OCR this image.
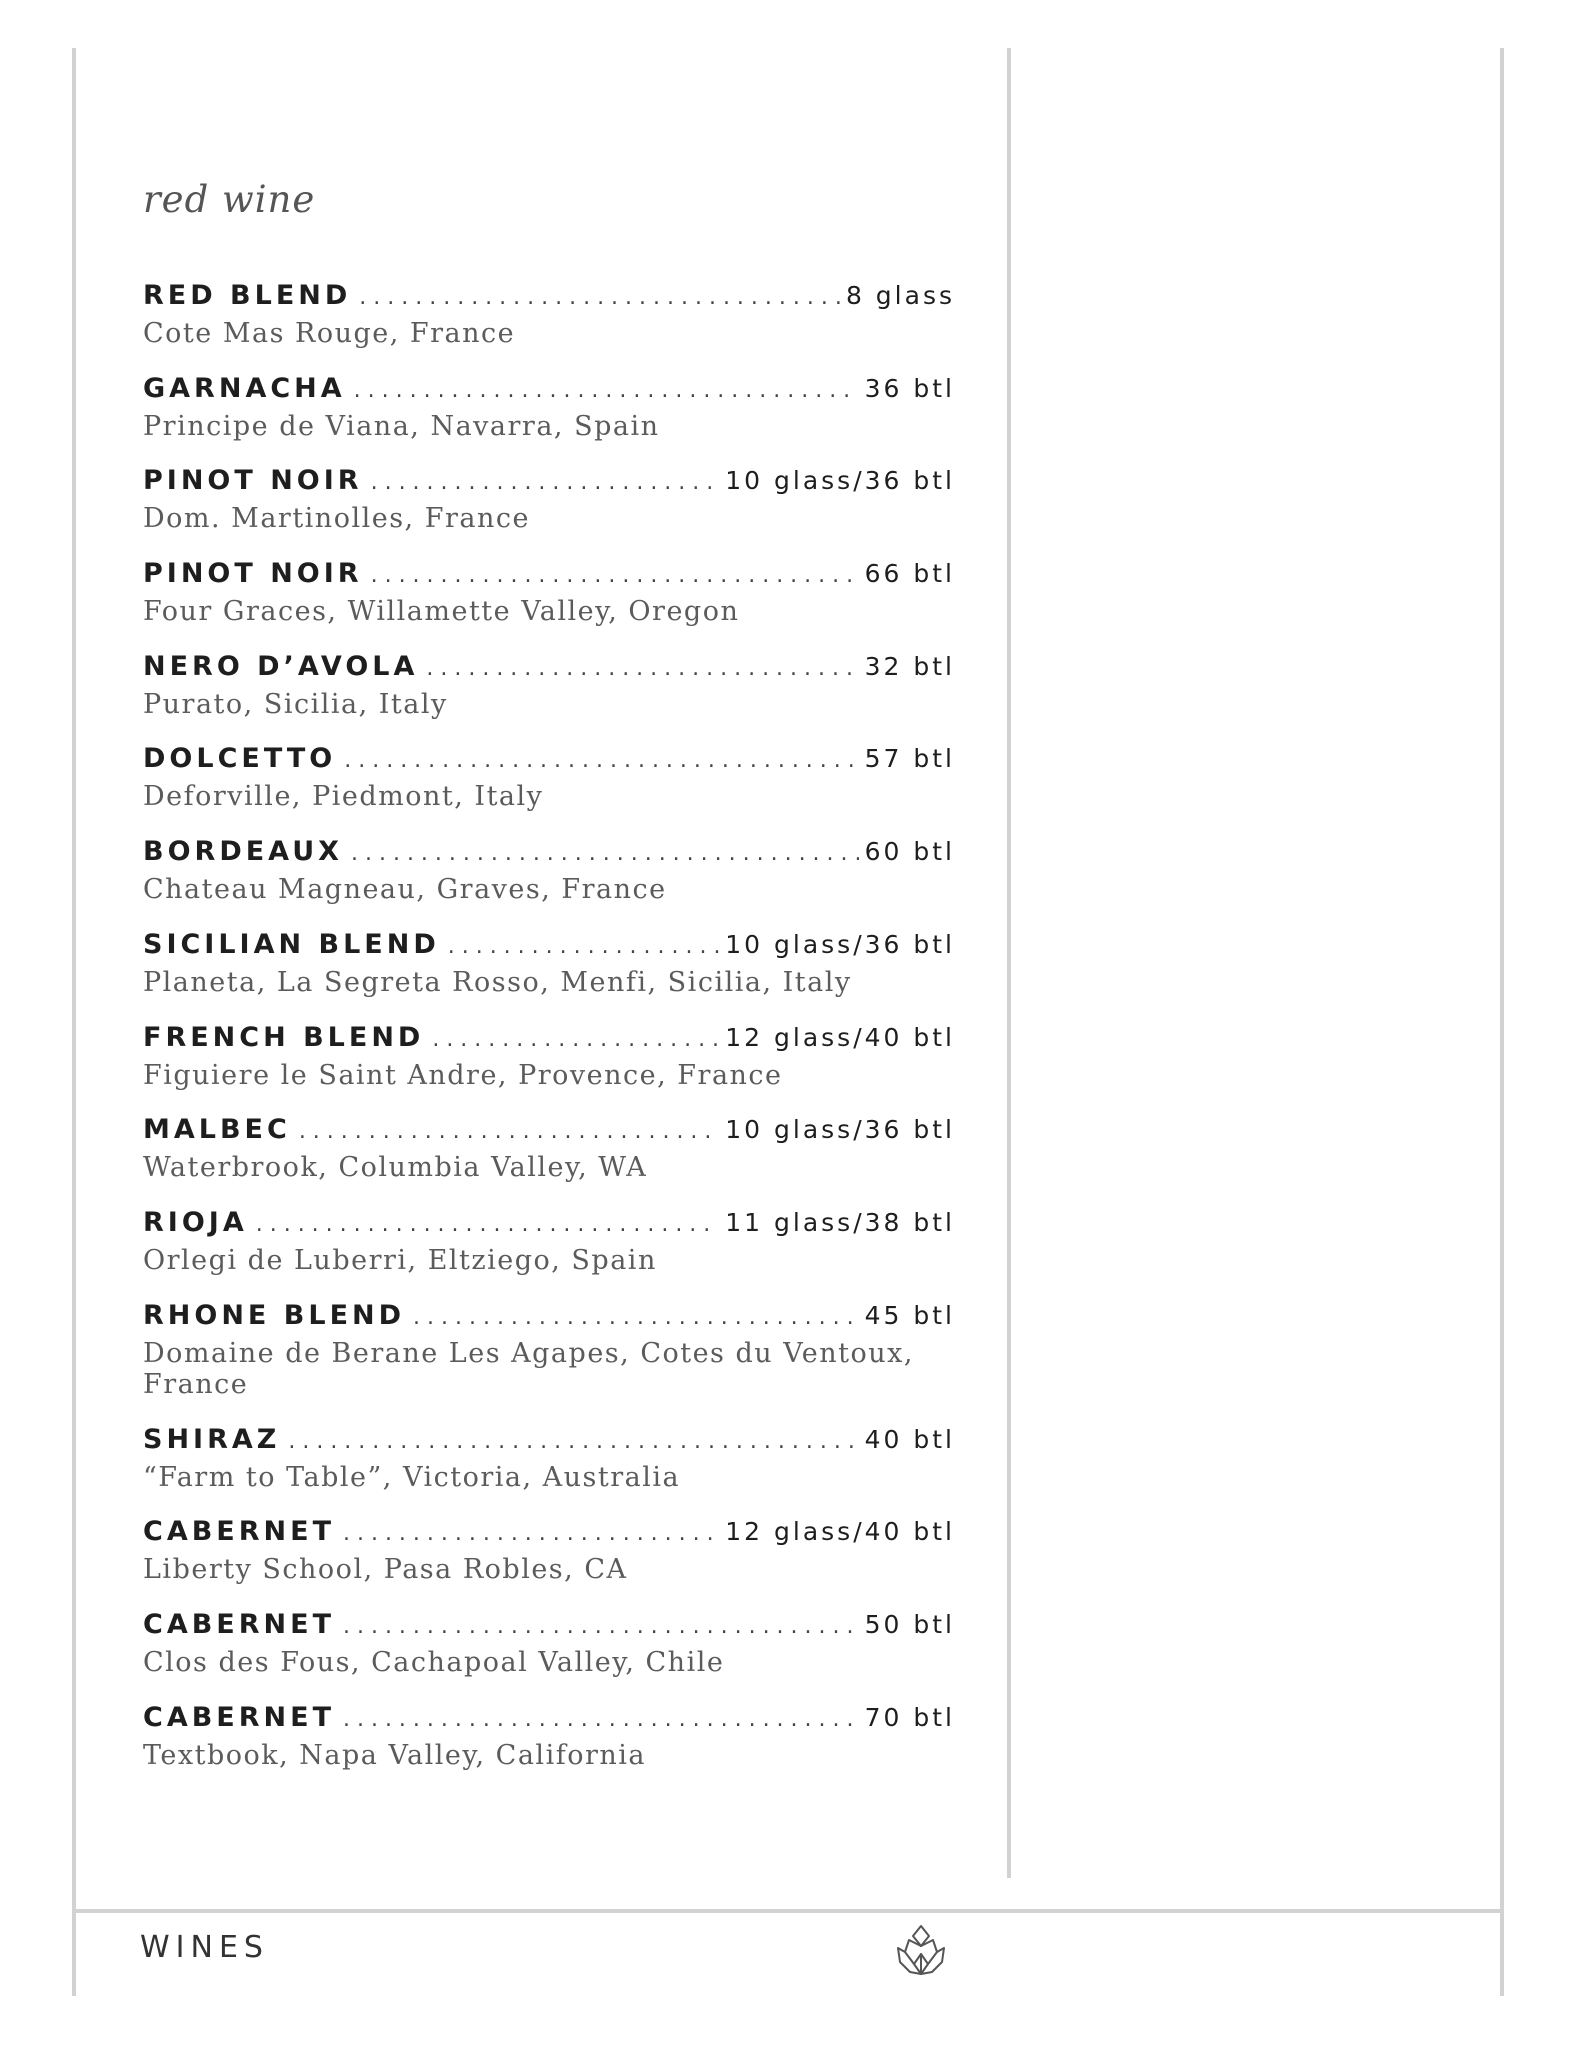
red wine
RED BLEND . . .	8 glass
Cote Mas Rouge, France
GARNACHA . . .	36 btl
Principe de Viana, Navarra, Spain
PINOT NOIR . . .	10 glass/36 btl
Dom. Martinolles, France
PINOT NOIR . . .	66 btl
Four Graces, Willamette Valley, Oregon
NERO D’AVOLA . . .	32 btl
Purato, Sicilia, Italy
DOLCETTO . . .	57 btl
Deforville, Piedmont, Italy
BORDEAUX . . .	60 btl
Chateau Magneau, Graves, France
SICILIAN BLEND . . .	10 glass/36 btl
Planeta, La Segreta Rosso, Menfi, Sicilia, Italy
FRENCH BLEND . . .	12 glass/40 btl
Figuiere le Saint Andre, Provence, France
MALBEC . . .	10 glass/36 btl
Waterbrook, Columbia Valley, WA
RIOJA . . .	11 glass/38 btl
Orlegi de Luberri, Eltziego, Spain
RHONE BLEND . . .	45 btl
Domaine de Berane Les Agapes, Cotes du Ventoux, France
SHIRAZ . . .	40 btl
“Farm to Table”, Victoria, Australia
CABERNET . . .	12 glass/40 btl
Liberty School, Pasa Robles, CA
CABERNET . . .	50 btl
Clos des Fous, Cachapoal Valley, Chile
CABERNET . . .	70 btl
Textbook, Napa Valley, California
WINES
